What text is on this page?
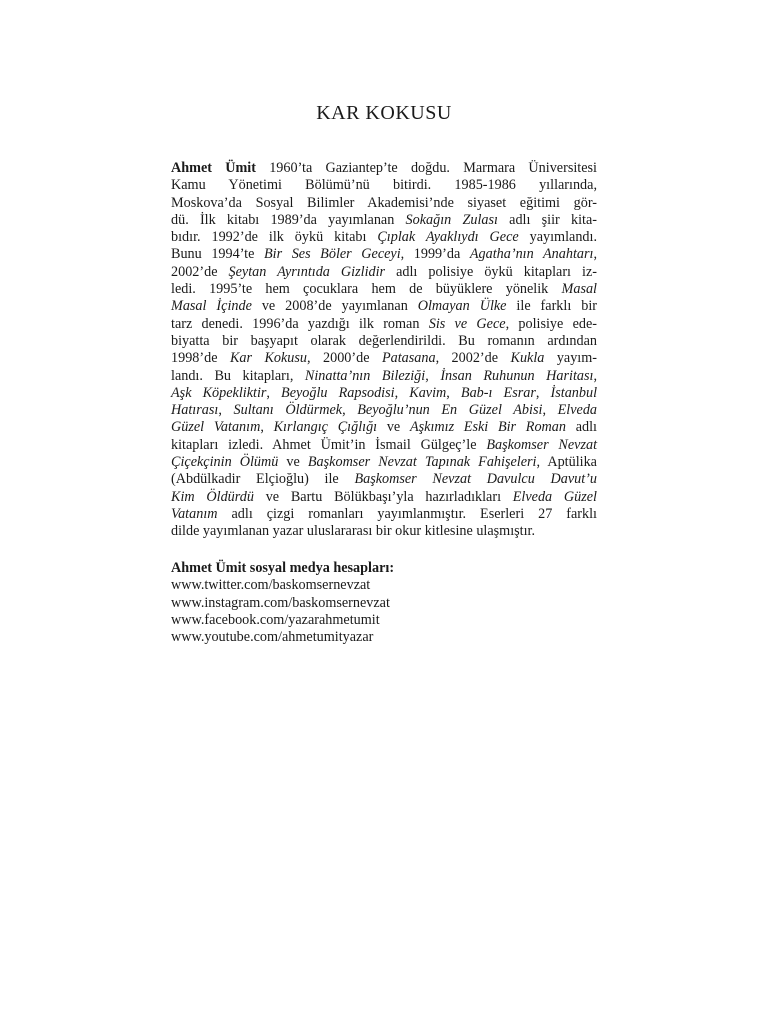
KAR KOKUSU
Ahmet Ümit 1960’ta Gaziantep’te doğdu. Marmara Üniversitesi
Kamu Yönetimi Bölümü’nü bitirdi. 1985-1986 yıllarında,
Moskova’da Sosyal Bilimler Akademisi’nde siyaset eğitimi gör-
dü. İlk kitabı 1989’da yayımlanan Sokağın Zulası adlı şiir kita-
bıdır. 1992’de ilk öykü kitabı Çıplak Ayaklıydı Gece yayımlandı.
Bunu 1994’te Bir Ses Böler Geceyi, 1999’da Agatha’nın Anahtarı,
2002’de Şeytan Ayrıntıda Gizlidir adlı polisiye öykü kitapları iz-
ledi. 1995’te hem çocuklara hem de büyüklere yönelik Masal
Masal İçinde ve 2008’de yayımlanan Olmayan Ülke ile farklı bir
tarz denedi. 1996’da yazdığı ilk roman Sis ve Gece, polisiye ede-
biyatta bir başyapıt olarak değerlendirildi. Bu romanın ardından
1998’de Kar Kokusu, 2000’de Patasana, 2002’de Kukla yayım-
landı. Bu kitapları, Ninatta’nın Bileziği, İnsan Ruhunun Haritası,
Aşk Köpekliktir, Beyoğlu Rapsodisi, Kavim, Bab-ı Esrar, İstanbul
Hatırası, Sultanı Öldürmek, Beyoğlu’nun En Güzel Abisi, Elveda
Güzel Vatanım, Kırlangıç Çığlığı ve Aşkımız Eski Bir Roman adlı
kitapları izledi. Ahmet Ümit’in İsmail Gülgeç’le Başkomser Nevzat
Çiçekçinin Ölümü ve Başkomser Nevzat Tapınak Fahişeleri, Aptülika
(Abdülkadir Elçioğlu) ile Başkomser Nevzat Davulcu Davut’u
Kim Öldürdü ve Bartu Bölükbaşı’yla hazırladıkları Elveda Güzel
Vatanım adlı çizgi romanları yayımlanmıştır. Eserleri 27 farklı
dilde yayımlanan yazar uluslararası bir okur kitlesine ulaşmıştır.
Ahmet Ümit sosyal medya hesapları:
www.twitter.com/baskomsernevzat
www.instagram.com/baskomsernevzat
www.facebook.com/yazarahmetumit
www.youtube.com/ahmetumityazar
